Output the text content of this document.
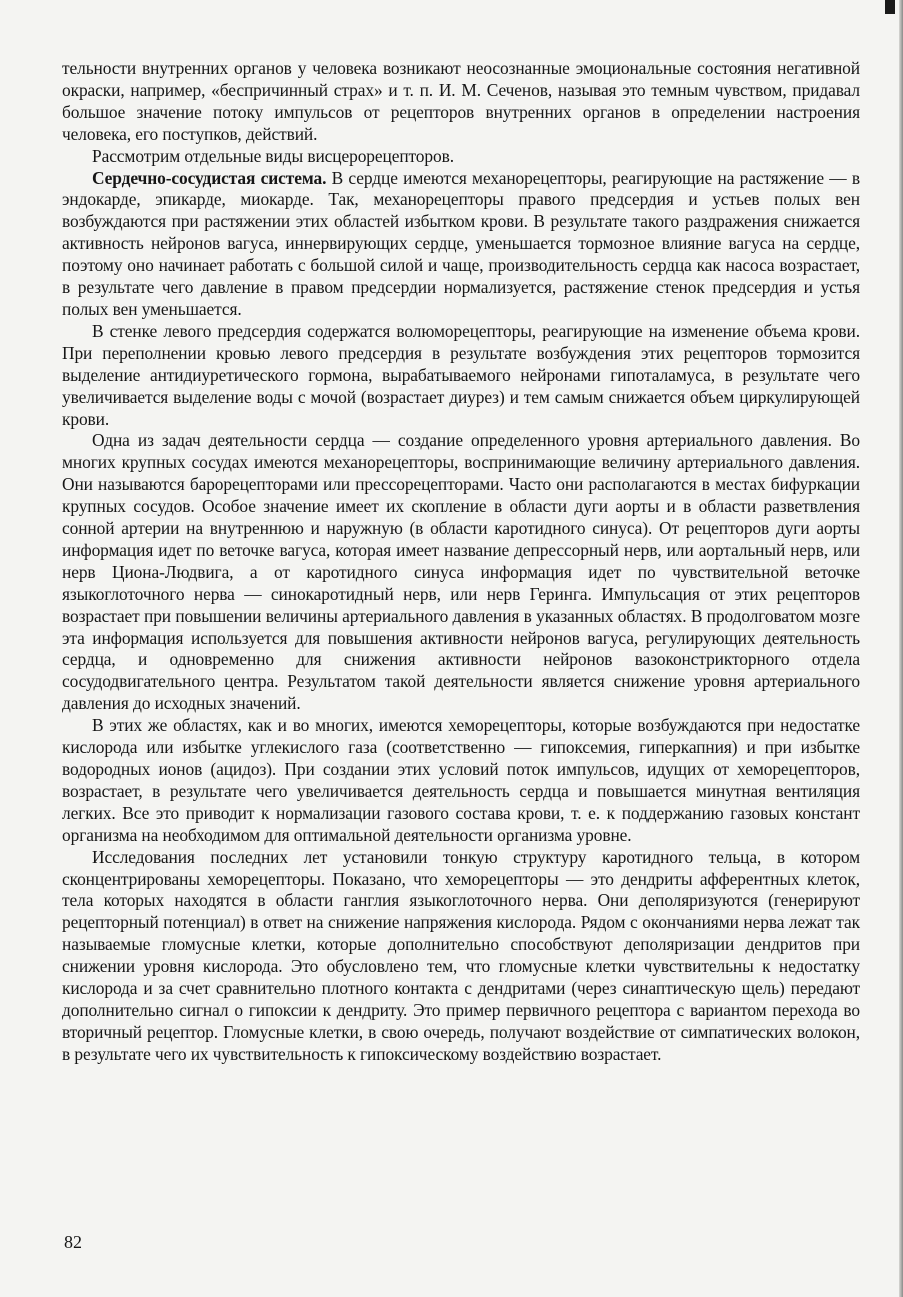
тельности внутренних органов у человека возникают неосознанные эмоциональные состояния негативной окраски, например, «беспричинный страх» и т. п. И. М. Сеченов, называя это темным чувством, придавал большое значение потоку импульсов от рецепторов внутренних органов в определении настроения человека, его поступков, действий.

Рассмотрим отдельные виды висцерорецепторов.

Сердечно-сосудистая система. В сердце имеются механорецепторы, реагирующие на растяжение — в эндокарде, эпикарде, миокарде. Так, механорецепторы правого предсердия и устьев полых вен возбуждаются при растяжении этих областей избытком крови. В результате такого раздражения снижается активность нейронов вагуса, иннервирующих сердце, уменьшается тормозное влияние вагуса на сердце, поэтому оно начинает работать с большой силой и чаще, производительность сердца как насоса возрастает, в результате чего давление в правом предсердии нормализуется, растяжение стенок предсердия и устья полых вен уменьшается.

В стенке левого предсердия содержатся волюморецепторы, реагирующие на изменение объема крови. При переполнении кровью левого предсердия в результате возбуждения этих рецепторов тормозится выделение антидиуретического гормона, вырабатываемого нейронами гипоталамуса, в результате чего увеличивается выделение воды с мочой (возрастает диурез) и тем самым снижается объем циркулирующей крови.

Одна из задач деятельности сердца — создание определенного уровня артериального давления. Во многих крупных сосудах имеются механорецепторы, воспринимающие величину артериального давления. Они называются барорецепторами или прессорецепторами. Часто они располагаются в местах бифуркации крупных сосудов. Особое значение имеет их скопление в области дуги аорты и в области разветвления сонной артерии на внутреннюю и наружную (в области каротидного синуса). От рецепторов дуги аорты информация идет по веточке вагуса, которая имеет название депрессорный нерв, или аортальный нерв, или нерв Циона-Людвига, а от каротидного синуса информация идет по чувствительной веточке языкоглоточного нерва — синокаротидный нерв, или нерв Геринга. Импульсация от этих рецепторов возрастает при повышении величины артериального давления в указанных областях. В продолговатом мозге эта информация используется для повышения активности нейронов вагуса, регулирующих деятельность сердца, и одновременно для снижения активности нейронов вазоконстрикторного отдела сосудодвигательного центра. Результатом такой деятельности является снижение уровня артериального давления до исходных значений.

В этих же областях, как и во многих, имеются хеморецепторы, которые возбуждаются при недостатке кислорода или избытке углекислого газа (соответственно — гипоксемия, гиперкапния) и при избытке водородных ионов (ацидоз). При создании этих условий поток импульсов, идущих от хеморецепторов, возрастает, в результате чего увеличивается деятельность сердца и повышается минутная вентиляция легких. Все это приводит к нормализации газового состава крови, т. е. к поддержанию газовых констант организма на необходимом для оптимальной деятельности организма уровне.

Исследования последних лет установили тонкую структуру каротидного тельца, в котором сконцентрированы хеморецепторы. Показано, что хеморецепторы — это дендриты афферентных клеток, тела которых находятся в области ганглия языкоглоточного нерва. Они деполяризуются (генерируют рецепторный потенциал) в ответ на снижение напряжения кислорода. Рядом с окончаниями нерва лежат так называемые гломусные клетки, которые дополнительно способствуют деполяризации дендритов при снижении уровня кислорода. Это обусловлено тем, что гломусные клетки чувствительны к недостатку кислорода и за счет сравнительно плотного контакта с дендритами (через синаптическую щель) передают дополнительно сигнал о гипоксии к дендриту. Это пример первичного рецептора с вариантом перехода во вторичный рецептор. Гломусные клетки, в свою очередь, получают воздействие от симпатических волокон, в результате чего их чувствительность к гипоксическому воздействию возрастает.

82
